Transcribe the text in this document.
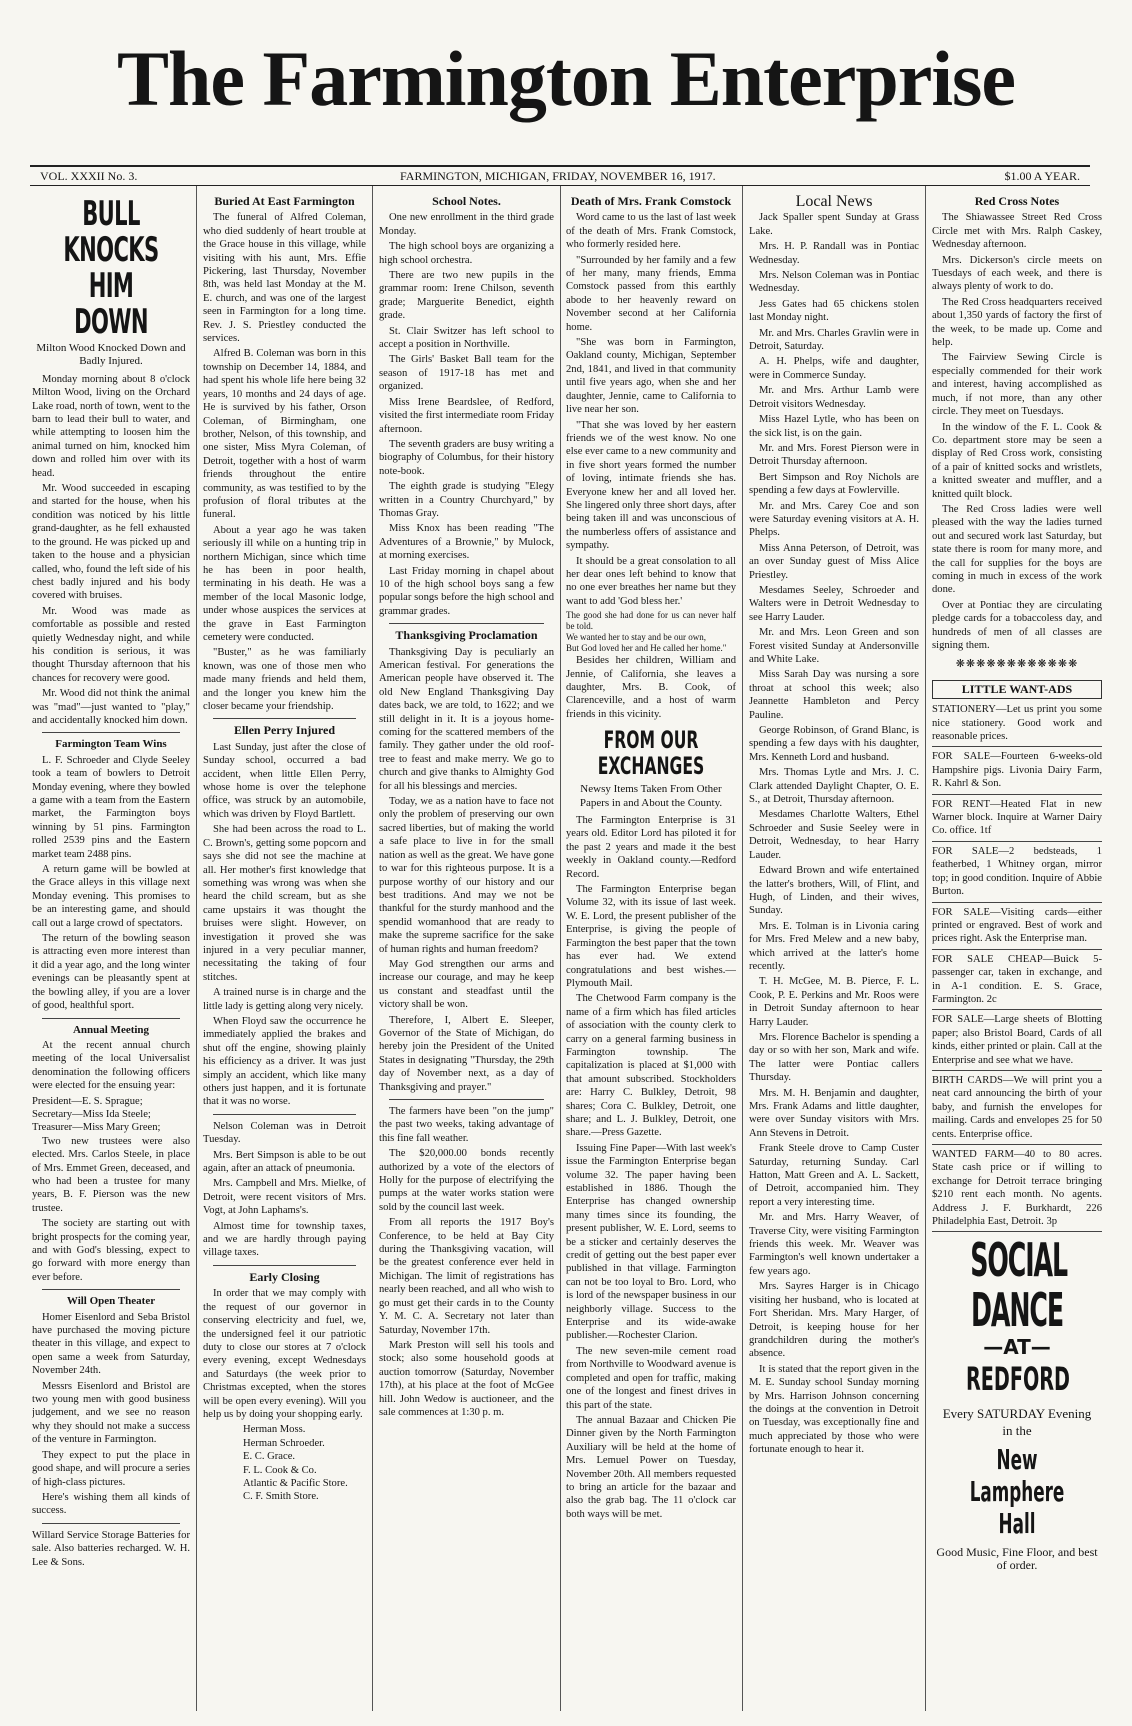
The Farmington Enterprise
VOL. XXXII No. 3.	FARMINGTON, MICHIGAN, FRIDAY, NOVEMBER 16, 1917.	$1.00 A YEAR.
BULL KNOCKS HIM DOWN
Milton Wood Knocked Down and Badly Injured.

Monday morning about 8 o'clock Milton Wood, living on the Orchard Lake road, north of town, went to the barn to lead their bull to water, and while attempting to loosen him the animal turned on him, knocked him down and rolled him over with its head.

Mr. Wood succeeded in escaping and started for the house, when his condition was noticed by his little grand-daughter, as he fell exhausted to the ground. He was picked up and taken to the house and a physician called, who, found the left side of his chest badly injured and his body covered with bruises.

Mr. Wood was made as comfortable as possible and rested quietly Wednesday night, and while his condition is serious, it was thought Thursday afternoon that his chances for recovery were good.

Mr. Wood did not think the animal was "mad"—just wanted to "play," and accidentally knocked him down.

Farmington Team Wins

L. F. Schroeder and Clyde Seeley took a team of bowlers to Detroit Monday evening, where they bowled a game with a team from the Eastern market, the Farmington boys winning by 51 pins. Farmington rolled 2539 pins and the Eastern market team 2488 pins.

A return game will be bowled at the Grace alleys in this village next Monday evening. This promises to be an interesting game, and should call out a large crowd of spectators.

The return of the bowling season is attracting even more interest than it did a year ago, and the long winter evenings can be pleasantly spent at the bowling alley, if you are a lover of good, healthful sport.

Annual Meeting

At the recent annual church meeting of the local Universalist denomination the following officers were elected for the ensuing year:

President—E. S. Sprague;

Secretary—Miss Ida Steele;

Treasurer—Miss Mary Green;

Two new trustees were also elected. Mrs. Carlos Steele, in place of Mrs. Emmet Green, deceased, and who had been a trustee for many years, B. F. Pierson was the new trustee.

The society are starting out with bright prospects for the coming year, and with God's blessing, expect to go forward with more energy than ever before.

Will Open Theater

Homer Eisenlord and Seba Bristol have purchased the moving picture theater in this village, and expect to open same a week from Saturday, November 24th.

Messrs Eisenlord and Bristol are two young men with good business judgement, and we see no reason why they should not make a success of the venture in Farmington.

They expect to put the place in good shape, and will procure a series of high-class pictures.

Here's wishing them all kinds of success.

Willard Service Storage Batteries for sale. Also batteries recharged. W. H. Lee & Sons.

Buried At East Farmington

The funeral of Alfred Coleman, who died suddenly of heart trouble at the Grace house in this village, while visiting with his aunt, Mrs. Effie Pickering, last Thursday, November 8th, was held last Monday at the M. E. church, and was one of the largest seen in Farmington for a long time. Rev. J. S. Priestley conducted the services.

Alfred B. Coleman was born in this township on December 14, 1884, and had spent his whole life here being 32 years, 10 months and 24 days of age. He is survived by his father, Orson Coleman, of Birmingham, one brother, Nelson, of this township, and one sister, Miss Myra Coleman, of Detroit, together with a host of warm friends throughout the entire community, as was testified to by the profusion of floral tributes at the funeral.

About a year ago he was taken seriously ill while on a hunting trip in northern Michigan, since which time he has been in poor health, terminating in his death. He was a member of the local Masonic lodge, under whose auspices the services at the grave in East Farmington cemetery were conducted.

"Buster," as he was familiarly known, was one of those men who made many friends and held them, and the longer you knew him the closer became your friendship.

Ellen Perry Injured

Last Sunday, just after the close of Sunday school, occurred a bad accident, when little Ellen Perry, whose home is over the telephone office, was struck by an automobile, which was driven by Floyd Bartlett.

She had been across the road to L. C. Brown's, getting some popcorn and says she did not see the machine at all. Her mother's first knowledge that something was wrong was when she heard the child scream, but as she came upstairs it was thought the bruises were slight. However, on investigation it proved she was injured in a very peculiar manner, necessitating the taking of four stitches.

A trained nurse is in charge and the little lady is getting along very nicely.

When Floyd saw the occurrence he immediately applied the brakes and shut off the engine, showing plainly his efficiency as a driver. It was just simply an accident, which like many others just happen, and it is fortunate that it was no worse.

Nelson Coleman was in Detroit Tuesday.

Mrs. Bert Simpson is able to be out again, after an attack of pneumonia.

Mrs. Campbell and Mrs. Mielke, of Detroit, were recent visitors of Mrs. Vogt, at John Laphams's.

Almost time for township taxes, and we are hardly through paying village taxes.

Early Closing

In order that we may comply with the request of our governor in conserving electricity and fuel, we, the undersigned feel it our patriotic duty to close our stores at 7 o'clock every evening, except Wednesdays and Saturdays (the week prior to Christmas excepted, when the stores will be open every evening). Will you help us by doing your shopping early.

Herman Moss.

Herman Schroeder.

E. C. Grace.

F. L. Cook & Co.

Atlantic & Pacific Store.

C. F. Smith Store.

School Notes.

One new enrollment in the third grade Monday.

The high school boys are organizing a high school orchestra.

There are two new pupils in the grammar room: Irene Chilson, seventh grade; Marguerite Benedict, eighth grade.

St. Clair Switzer has left school to accept a position in Northville.

The Girls' Basket Ball team for the season of 1917-18 has met and organized.

Miss Irene Beardslee, of Redford, visited the first intermediate room Friday afternoon.

The seventh graders are busy writing a biography of Columbus, for their history note-book.

The eighth grade is studying "Elegy written in a Country Churchyard," by Thomas Gray.

Miss Knox has been reading "The Adventures of a Brownie," by Mulock, at morning exercises.

Last Friday morning in chapel about 10 of the high school boys sang a few popular songs before the high school and grammar grades.

Thanksgiving Proclamation

Thanksgiving Day is peculiarly an American festival. For generations the American people have observed it. The old New England Thanksgiving Day dates back, we are told, to 1622; and we still delight in it. It is a joyous home-coming for the scattered members of the family. They gather under the old roof-tree to feast and make merry. We go to church and give thanks to Almighty God for all his blessings and mercies.

Today, we as a nation have to face not only the problem of preserving our own sacred liberties, but of making the world a safe place to live in for the small nation as well as the great. We have gone to war for this righteous purpose. It is a purpose worthy of our history and our best traditions. And may we not be thankful for the sturdy manhood and the spendid womanhood that are ready to make the supreme sacrifice for the sake of human rights and human freedom?

May God strengthen our arms and increase our courage, and may he keep us constant and steadfast until the victory shall be won.

Therefore, I, Albert E. Sleeper, Governor of the State of Michigan, do hereby join the President of the United States in designating "Thursday, the 29th day of November next, as a day of Thanksgiving and prayer."

The farmers have been "on the jump" the past two weeks, taking advantage of this fine fall weather.

The $20,000.00 bonds recently authorized by a vote of the electors of Holly for the purpose of electrifying the pumps at the water works station were sold by the council last week.

From all reports the 1917 Boy's Conference, to be held at Bay City during the Thanksgiving vacation, will be the greatest conference ever held in Michigan. The limit of registrations has nearly been reached, and all who wish to go must get their cards in to the County Y. M. C. A. Secretary not later than Saturday, November 17th.

Mark Preston will sell his tools and stock; also some household goods at auction tomorrow (Saturday, November 17th), at his place at the foot of McGee hill. John Wedow is auctioneer, and the sale commences at 1:30 p. m.

Death of Mrs. Frank Comstock

Word came to us the last of last week of the death of Mrs. Frank Comstock, who formerly resided here.

"Surrounded by her family and a few of her many, many friends, Emma Comstock passed from this earthly abode to her heavenly reward on November second at her California home.

"She was born in Farmington, Oakland county, Michigan, September 2nd, 1841, and lived in that community until five years ago, when she and her daughter, Jennie, came to California to live near her son.

"That she was loved by her eastern friends we of the west know. No one else ever came to a new community and in five short years formed the number of loving, intimate friends she has. Everyone knew her and all loved her. She lingered only three short days, after being taken ill and was unconscious of the numberless offers of assistance and sympathy.

It should be a great consolation to all her dear ones left behind to know that no one ever breathes her name but they want to add 'God bless her.'

The good she had done for us can never half be told.

We wanted her to stay and be our own,

But God loved her and He called her home."

Besides her children, William and Jennie, of California, she leaves a daughter, Mrs. B. Cook, of Clarenceville, and a host of warm friends in this vicinity.

FROM OUR EXCHANGES
Newsy Items Taken From Other Papers in and About the County.

The Farmington Enterprise is 31 years old. Editor Lord has piloted it for the past 2 years and made it the best weekly in Oakland county.—Redford Record.

The Farmington Enterprise began Volume 32, with its issue of last week. W. E. Lord, the present publisher of the Enterprise, is giving the people of Farmington the best paper that the town has ever had. We extend congratulations and best wishes.—Plymouth Mail.

The Chetwood Farm company is the name of a firm which has filed articles of association with the county clerk to carry on a general farming business in Farmington township. The capitalization is placed at $1,000 with that amount subscribed. Stockholders are: Harry C. Bulkley, Detroit, 98 shares; Cora C. Bulkley, Detroit, one share; and L. J. Bulkley, Detroit, one share.—Press Gazette.

Issuing Fine Paper—With last week's issue the Farmington Enterprise began volume 32. The paper having been established in 1886. Though the Enterprise has changed ownership many times since its founding, the present publisher, W. E. Lord, seems to be a sticker and certainly deserves the credit of getting out the best paper ever published in that village. Farmington can not be too loyal to Bro. Lord, who is lord of the newspaper business in our neighborly village. Success to the Enterprise and its wide-awake publisher.—Rochester Clarion.

The new seven-mile cement road from Northville to Woodward avenue is completed and open for traffic, making one of the longest and finest drives in this part of the state.

The annual Bazaar and Chicken Pie Dinner given by the North Farmington Auxiliary will be held at the home of Mrs. Lemuel Power on Tuesday, November 20th. All members requested to bring an article for the bazaar and also the grab bag. The 11 o'clock car both ways will be met.

Local News

Jack Spaller spent Sunday at Grass Lake.

Mrs. H. P. Randall was in Pontiac Wednesday.

Mrs. Nelson Coleman was in Pontiac Wednesday.

Jess Gates had 65 chickens stolen last Monday night.

Mr. and Mrs. Charles Gravlin were in Detroit, Saturday.

A. H. Phelps, wife and daughter, were in Commerce Sunday.

Mr. and Mrs. Arthur Lamb were Detroit visitors Wednesday.

Miss Hazel Lytle, who has been on the sick list, is on the gain.

Mr. and Mrs. Forest Pierson were in Detroit Thursday afternoon.

Bert Simpson and Roy Nichols are spending a few days at Fowlerville.

Mr. and Mrs. Carey Coe and son were Saturday evening visitors at A. H. Phelps.

Miss Anna Peterson, of Detroit, was an over Sunday guest of Miss Alice Priestley.

Mesdames Seeley, Schroeder and Walters were in Detroit Wednesday to see Harry Lauder.

Mr. and Mrs. Leon Green and son Forest visited Sunday at Andersonville and White Lake.

Miss Sarah Day was nursing a sore throat at school this week; also Jeannette Hambleton and Percy Pauline.

George Robinson, of Grand Blanc, is spending a few days with his daughter, Mrs. Kenneth Lord and husband.

Mrs. Thomas Lytle and Mrs. J. C. Clark attended Daylight Chapter, O. E. S., at Detroit, Thursday afternoon.

Mesdames Charlotte Walters, Ethel Schroeder and Susie Seeley were in Detroit, Wednesday, to hear Harry Lauder.

Edward Brown and wife entertained the latter's brothers, Will, of Flint, and Hugh, of Linden, and their wives, Sunday.

Mrs. E. Tolman is in Livonia caring for Mrs. Fred Melew and a new baby, which arrived at the latter's home recently.

T. H. McGee, M. B. Pierce, F. L. Cook, P. E. Perkins and Mr. Roos were in Detroit Sunday afternoon to hear Harry Lauder.

Mrs. Florence Bachelor is spending a day or so with her son, Mark and wife. The latter were Pontiac callers Thursday.

Mrs. M. H. Benjamin and daughter, Mrs. Frank Adams and little daughter, were over Sunday visitors with Mrs. Ann Stevens in Detroit.

Frank Steele drove to Camp Custer Saturday, returning Sunday. Carl Hatton, Matt Green and A. L. Sackett, of Detroit, accompanied him. They report a very interesting time.

Mr. and Mrs. Harry Weaver, of Traverse City, were visiting Farmington friends this week. Mr. Weaver was Farmington's well known undertaker a few years ago.

Mrs. Sayres Harger is in Chicago visiting her husband, who is located at Fort Sheridan. Mrs. Mary Harger, of Detroit, is keeping house for her grandchildren during the mother's absence.

It is stated that the report given in the M. E. Sunday school Sunday morning by Mrs. Harrison Johnson concerning the doings at the convention in Detroit on Tuesday, was exceptionally fine and much appreciated by those who were fortunate enough to hear it.

Red Cross Notes

The Shiawassee Street Red Cross Circle met with Mrs. Ralph Caskey, Wednesday afternoon.

Mrs. Dickerson's circle meets on Tuesdays of each week, and there is always plenty of work to do.

The Red Cross headquarters received about 1,350 yards of factory the first of the week, to be made up. Come and help.

The Fairview Sewing Circle is especially commended for their work and interest, having accomplished as much, if not more, than any other circle. They meet on Tuesdays.

In the window of the F. L. Cook & Co. department store may be seen a display of Red Cross work, consisting of a pair of knitted socks and wristlets, a knitted sweater and muffler, and a knitted quilt block.

The Red Cross ladies were well pleased with the way the ladies turned out and secured work last Saturday, but state there is room for many more, and the call for supplies for the boys are coming in much in excess of the work done.

Over at Pontiac they are circulating pledge cards for a tobaccoless day, and hundreds of men of all classes are signing them.

❋❋❋❋❋❋❋❋❋❋❋❋
LITTLE WANT-ADS

STATIONERY—Let us print you some nice stationery. Good work and reasonable prices.

FOR SALE—Fourteen 6-weeks-old Hampshire pigs. Livonia Dairy Farm, R. Kahrl & Son.

FOR RENT—Heated Flat in new Warner block. Inquire at Warner Dairy Co. office. 1tf

FOR SALE—2 bedsteads, 1 featherbed, 1 Whitney organ, mirror top; in good condition. Inquire of Abbie Burton.

FOR SALE—Visiting cards—either printed or engraved. Best of work and prices right. Ask the Enterprise man.

FOR SALE CHEAP—Buick 5-passenger car, taken in exchange, and in A-1 condition. E. S. Grace, Farmington. 2c

FOR SALE—Large sheets of Blotting paper; also Bristol Board, Cards of all kinds, either printed or plain. Call at the Enterprise and see what we have.

BIRTH CARDS—We will print you a neat card announcing the birth of your baby, and furnish the envelopes for mailing. Cards and envelopes 25 for 50 cents. Enterprise office.

WANTED FARM—40 to 80 acres. State cash price or if willing to exchange for Detroit terrace bringing $210 rent each month. No agents. Address J. F. Burkhardt, 226 Philadelphia East, Detroit. 3p

SOCIAL DANCE
—AT—
REDFORD
Every SATURDAY Evening
in the
New Lamphere Hall
Good Music, Fine Floor, and best of order.
